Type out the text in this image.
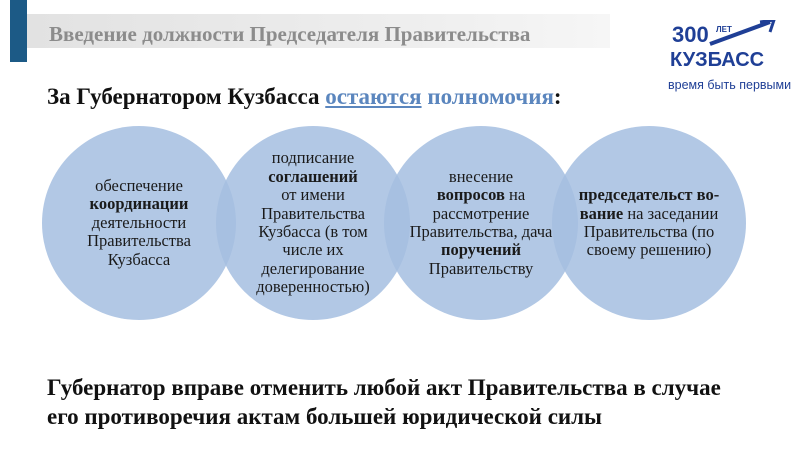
Введение должности Председателя Правительства	300 ЛЕТ
КУЗБАСС
время быть первыми
За Губернатором Кузбасса остаются полномочия:
обеспечение
координации
деятельности Правительства Кузбасса
подписание
соглашений
от имени Правительства Кузбасса (в том числе их делегирование доверенностью)
внесение
вопросов на рассмотрение Правительства, дача поручений Правительству
председательст во-вание на заседании Правительства (по своему решению)
Губернатор вправе отменить любой акт Правительства в случае его противоречия актам большей юридической силы
